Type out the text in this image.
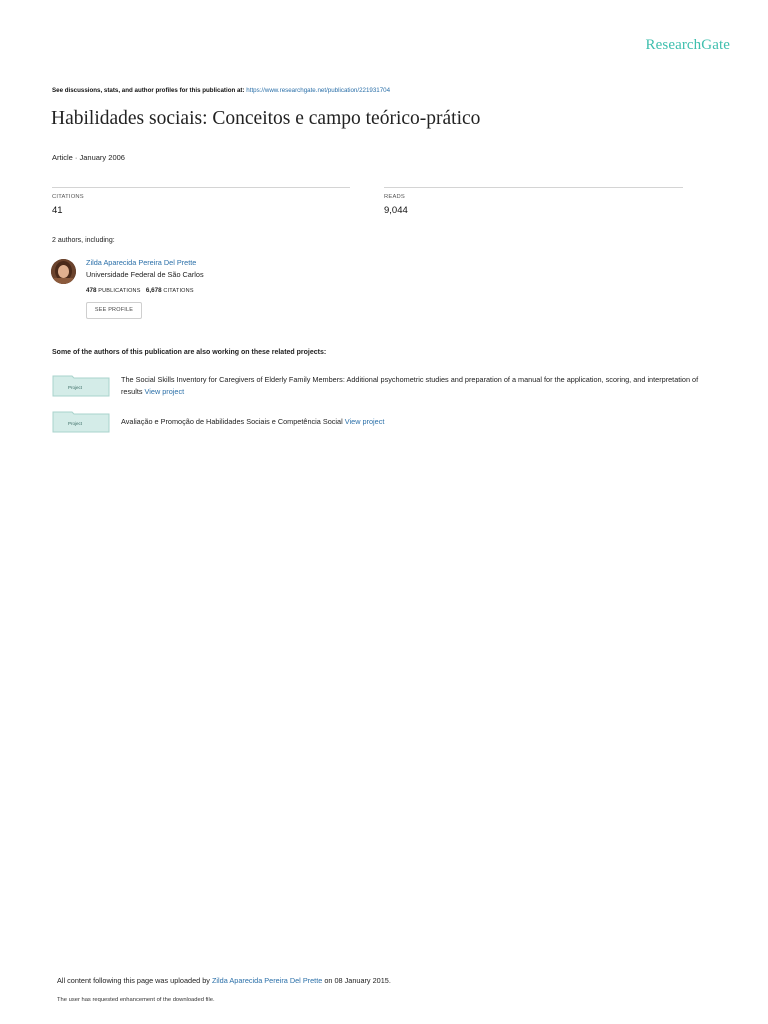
ResearchGate
See discussions, stats, and author profiles for this publication at: https://www.researchgate.net/publication/221931704
Habilidades sociais: Conceitos e campo teórico-prático
Article · January 2006
CITATIONS
41
READS
9,044
2 authors, including:
Zilda Aparecida Pereira Del Prette
Universidade Federal de São Carlos
478 PUBLICATIONS 6,678 CITATIONS
SEE PROFILE
Some of the authors of this publication are also working on these related projects:
Project
The Social Skills Inventory for Caregivers of Elderly Family Members: Additional psychometric studies and preparation of a manual for the application, scoring, and interpretation of results View project
Project	Avaliação e Promoção de Habilidades Sociais e Competência Social View project
All content following this page was uploaded by Zilda Aparecida Pereira Del Prette on 08 January 2015.
The user has requested enhancement of the downloaded file.
